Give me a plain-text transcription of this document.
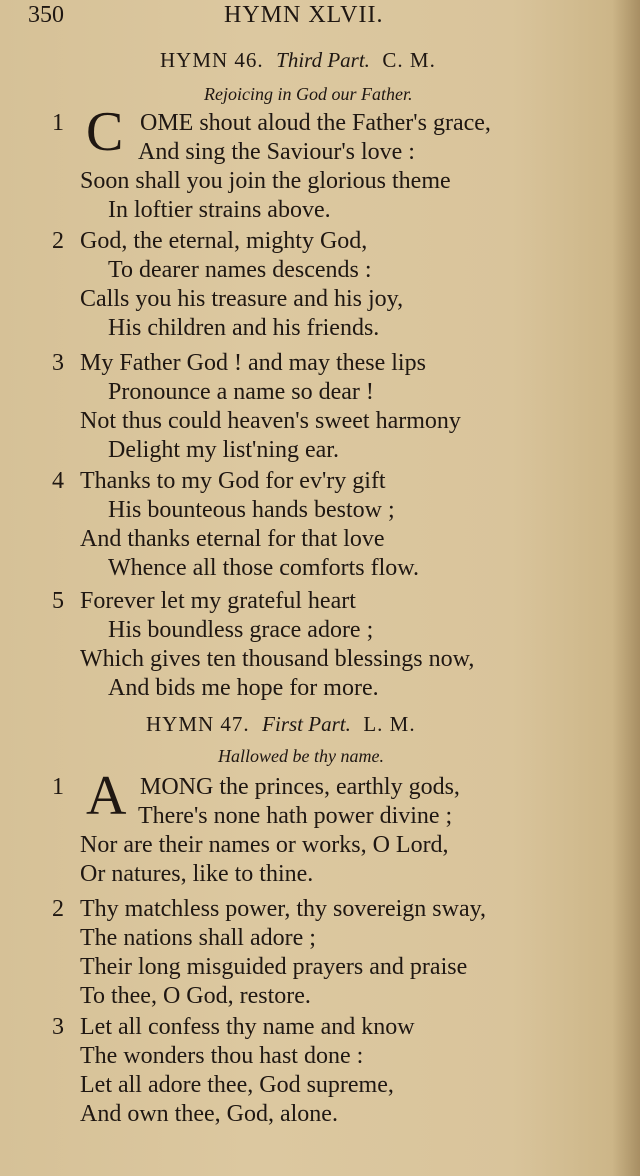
350	HYMN XLVII.
HYMN 46. Third Part. C. M.
Rejoicing in God our Father.
1 C OME shout aloud the Father's grace,
And sing the Saviour's love :
Soon shall you join the glorious theme
In loftier strains above.
2 God, the eternal, mighty God,
To dearer names descends :
Calls you his treasure and his joy,
His children and his friends.
3 My Father God ! and may these lips
Pronounce a name so dear !
Not thus could heaven's sweet harmony
Delight my list'ning ear.
4 Thanks to my God for ev'ry gift
His bounteous hands bestow ;
And thanks eternal for that love
Whence all those comforts flow.
5 Forever let my grateful heart
His boundless grace adore ;
Which gives ten thousand blessings now,
And bids me hope for more.
HYMN 47. First Part. L. M.
Hallowed be thy name.
1 A MONG the princes, earthly gods,
There's none hath power divine ;
Nor are their names or works, O Lord,
Or natures, like to thine.
2 Thy matchless power, thy sovereign sway,
The nations shall adore ;
Their long misguided prayers and praise
To thee, O God, restore.
3 Let all confess thy name and know
The wonders thou hast done :
Let all adore thee, God supreme,
And own thee, God, alone.
